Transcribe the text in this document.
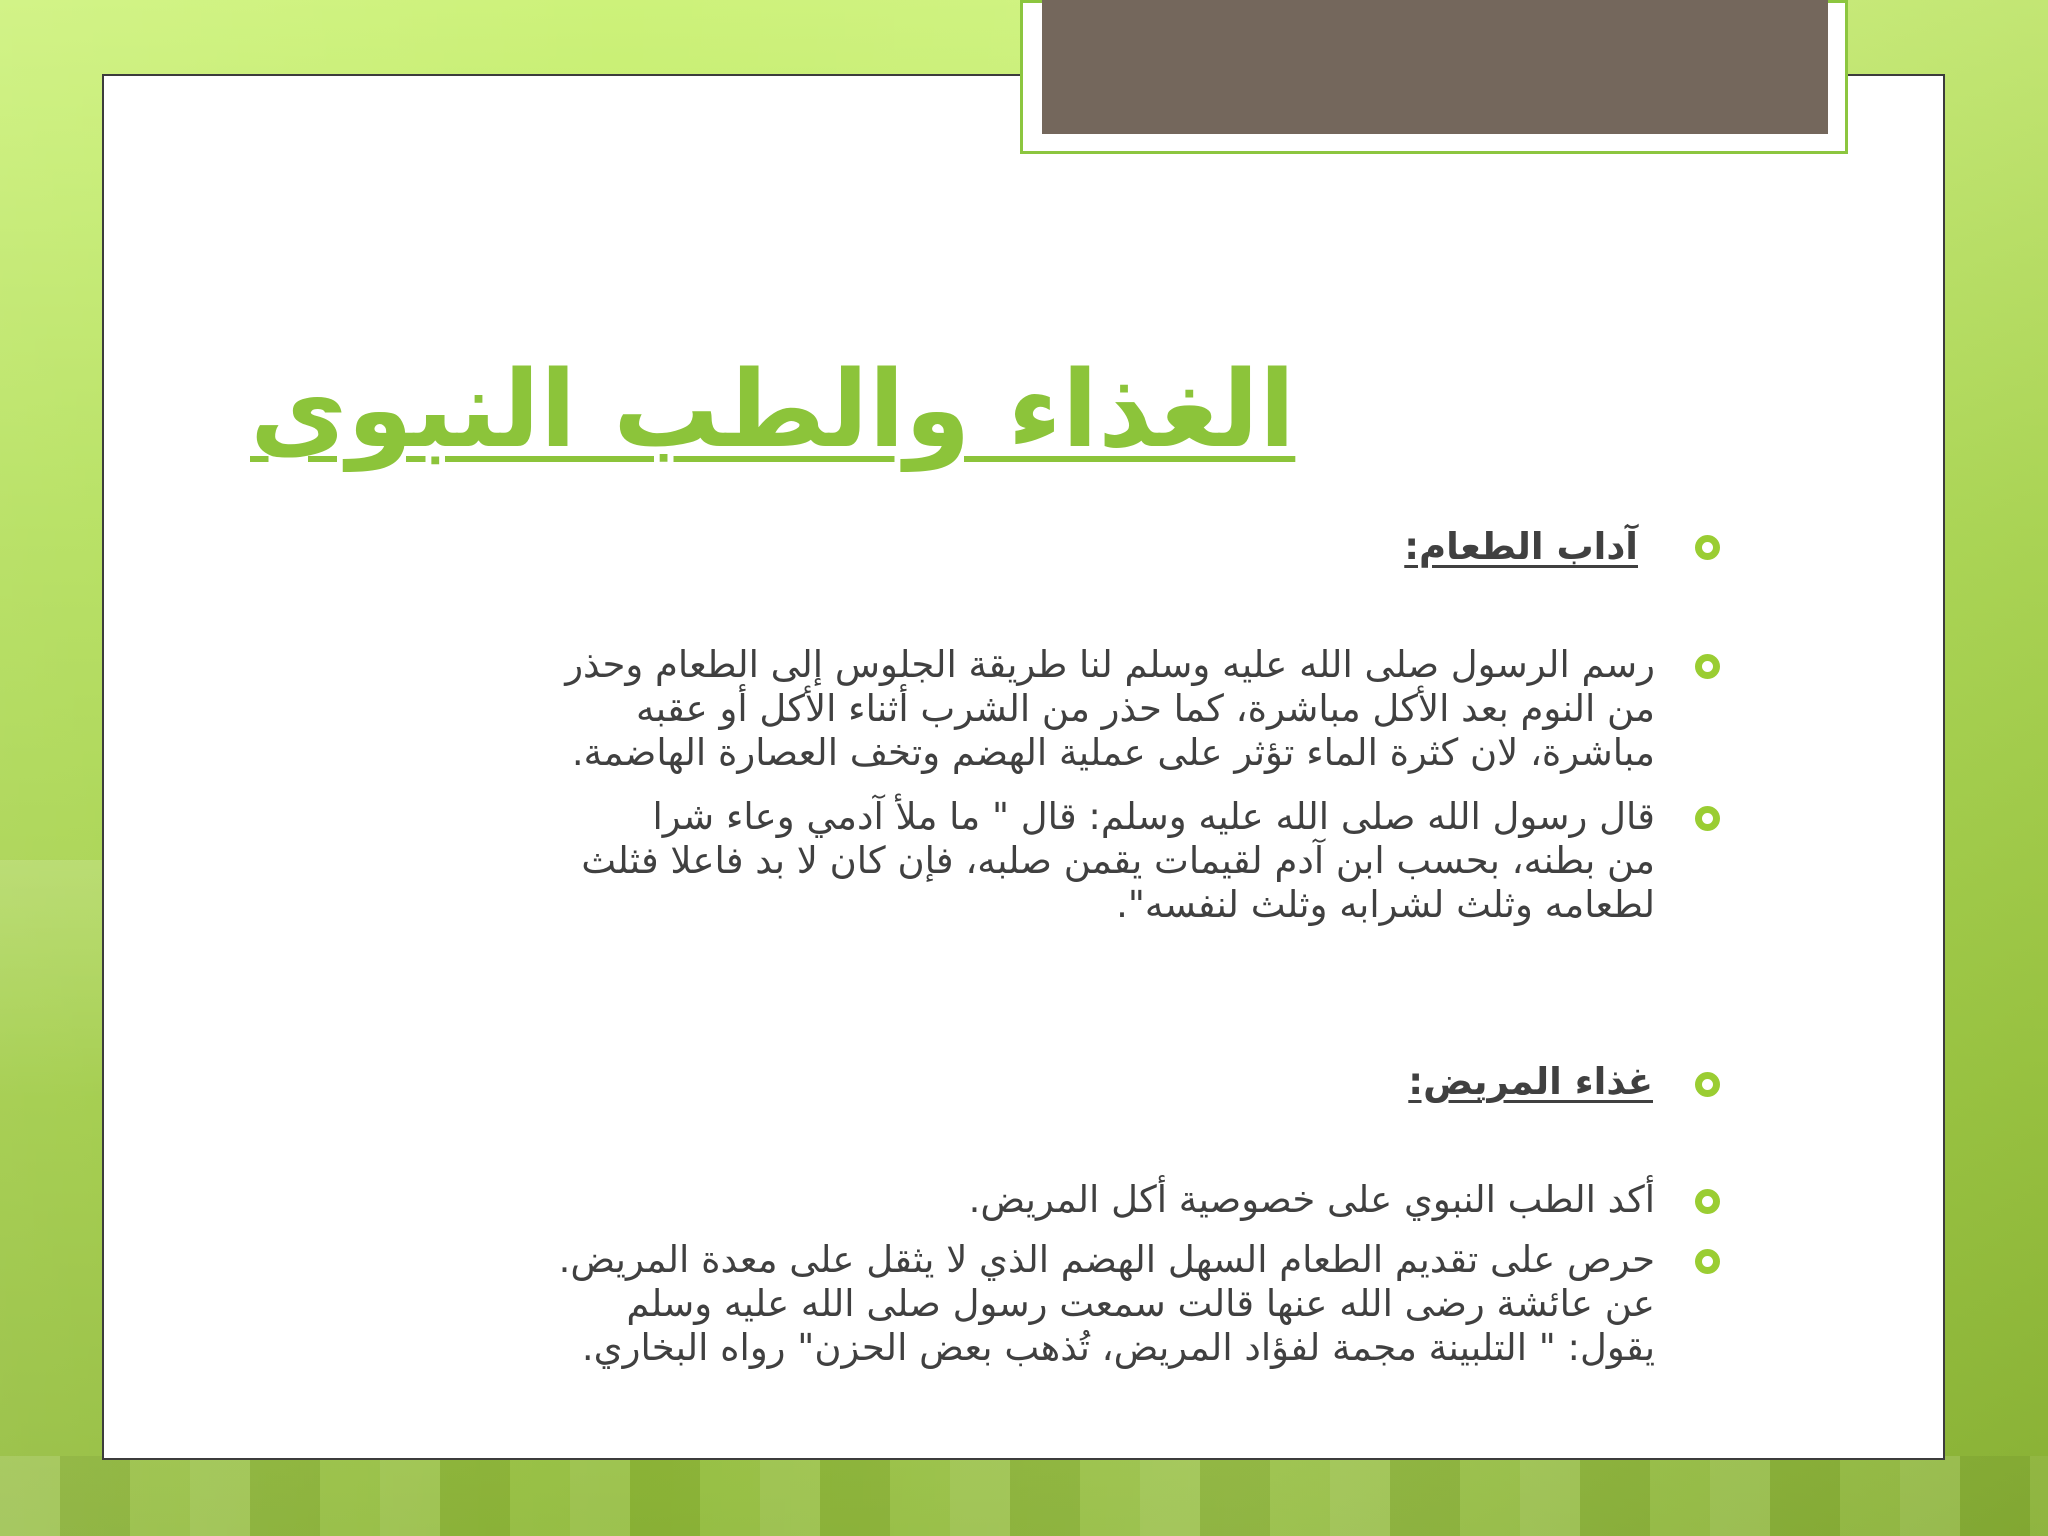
الغذاء والطب النبوى
آداب الطعام:
رسم الرسول صلى الله عليه وسلم لنا طريقة الجلوس إلى الطعام وحذر
من النوم بعد الأكل مباشرة، كما حذر من الشرب أثناء الأكل أو عقبه
مباشرة، لان كثرة الماء تؤثر على عملية الهضم وتخف العصارة الهاضمة.
قال رسول الله صلى الله عليه وسلم: قال " ما ملأ آدمي وعاء شرا
من بطنه، بحسب ابن آدم لقيمات يقمن صلبه، فإن كان لا بد فاعلا فثلث
لطعامه وثلث لشرابه وثلث لنفسه".
غذاء المريض:
أكد الطب النبوي على خصوصية أكل المريض.
حرص على تقديم الطعام السهل الهضم الذي لا يثقل على معدة المريض.
عن عائشة رضى الله عنها قالت سمعت رسول صلى الله عليه وسلم
يقول: " التلبينة مجمة لفؤاد المريض، تُذهب بعض الحزن" رواه البخاري.
